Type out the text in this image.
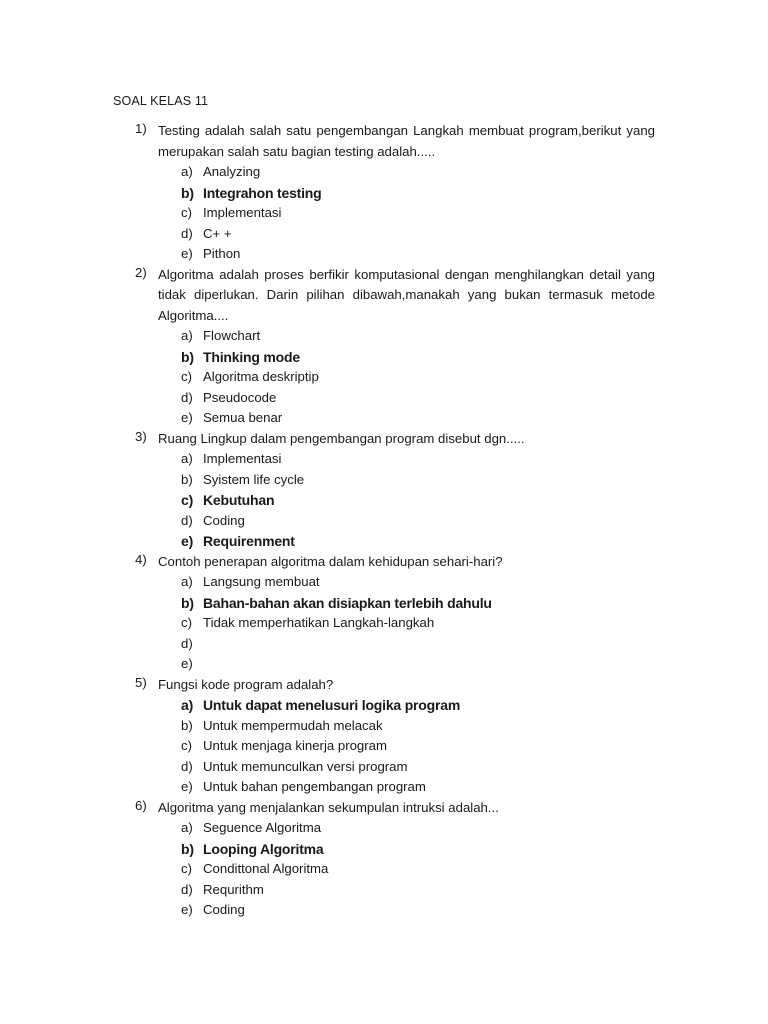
SOAL KELAS 11
1) Testing adalah salah satu pengembangan Langkah membuat program,berikut yang merupakan salah satu bagian testing adalah.....
a) Analyzing
b) Integrahon testing
c) Implementasi
d) C+ +
e) Pithon
2) Algoritma adalah proses berfikir komputasional dengan menghilangkan detail yang tidak diperlukan. Darin pilihan dibawah,manakah yang bukan termasuk metode Algoritma....
a) Flowchart
b) Thinking mode
c) Algoritma deskriptip
d) Pseudocode
e) Semua benar
3) Ruang Lingkup dalam pengembangan program disebut dgn.....
a) Implementasi
b) Syistem life cycle
c) Kebutuhan
d) Coding
e) Requirenment
4) Contoh penerapan algoritma dalam kehidupan sehari-hari?
a) Langsung membuat
b) Bahan-bahan akan disiapkan terlebih dahulu
c) Tidak memperhatikan Langkah-langkah
d)
e)
5) Fungsi kode program adalah?
a) Untuk dapat menelusuri logika program
b) Untuk mempermudah melacak
c) Untuk menjaga kinerja program
d) Untuk memunculkan versi program
e) Untuk bahan pengembangan program
6) Algoritma yang menjalankan sekumpulan intruksi adalah...
a) Seguence Algoritma
b) Looping Algoritma
c) Condittonal Algoritma
d) Requrithm
e) Coding
